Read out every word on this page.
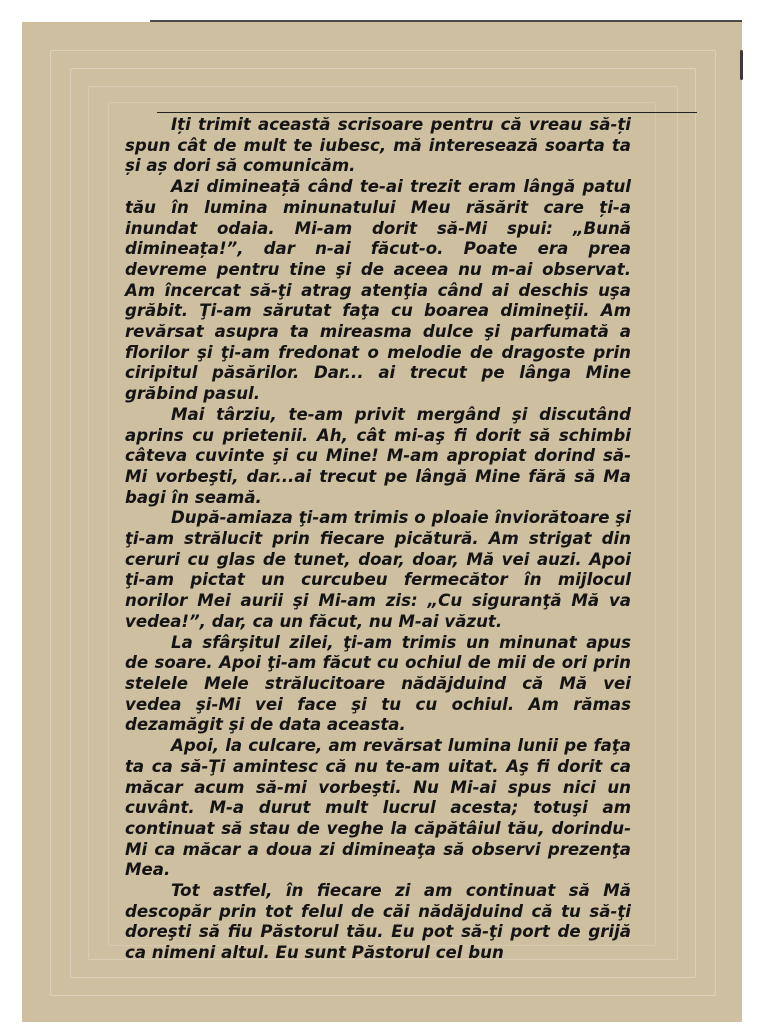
Iți trimit această scrisoare pentru că vreau să-ți spun cât de mult te iubesc, mă interesează soarta ta și aș dori să comunicăm.

Azi dimineață când te-ai trezit eram lângă patul tău în lumina minunatului Meu răsărit care ți-a inundat odaia. Mi-am dorit să-Mi spui: „Bună dimineața!”, dar n-ai făcut-o. Poate era prea devreme pentru tine şi de aceea nu m-ai observat. Am încercat să-ţi atrag atenţia când ai deschis uşa grăbit. Ţi-am sărutat faţa cu boarea dimineţii. Am revărsat asupra ta mireasma dulce şi parfumată a florilor şi ţi-am fredonat o melodie de dragoste prin ciripitul păsărilor. Dar... ai trecut pe lânga Mine grăbind pasul.

Mai târziu, te-am privit mergând şi discutând aprins cu prietenii. Ah, cât mi-aş fi dorit să schimbi câteva cuvinte şi cu Mine! M-am apropiat dorind să-Mi vorbeşti, dar...ai trecut pe lângă Mine fără să Ma bagi în seamă.

După-amiaza ţi-am trimis o ploaie înviorătoare şi ţi-am strălucit prin fiecare picătură. Am strigat din ceruri cu glas de tunet, doar, doar, Mă vei auzi. Apoi ţi-am pictat un curcubeu fermecător în mijlocul norilor Mei aurii şi Mi-am zis: „Cu siguranţă Mă va vedea!”, dar, ca un făcut, nu M-ai văzut.

La sfârşitul zilei, ţi-am trimis un minunat apus de soare. Apoi ţi-am făcut cu ochiul de mii de ori prin stelele Mele strălucitoare nădăjduind că Mă vei vedea şi-Mi vei face şi tu cu ochiul. Am rămas dezamăgit şi de data aceasta.

Apoi, la culcare, am revărsat lumina lunii pe faţa ta ca să-Ţi amintesc că nu te-am uitat. Aş fi dorit ca măcar acum să-mi vorbeşti. Nu Mi-ai spus nici un cuvânt. M-a durut mult lucrul acesta; totuşi am continuat să stau de veghe la căpătâiul tău, dorindu-Mi ca măcar a doua zi dimineaţa să observi prezenţa Mea.

Tot astfel, în fiecare zi am continuat să Mă descopăr prin tot felul de căi nădăjduind că tu să-ţi doreşti să fiu Păstorul tău. Eu pot să-ţi port de grijă ca nimeni altul. Eu sunt Păstorul cel bun
